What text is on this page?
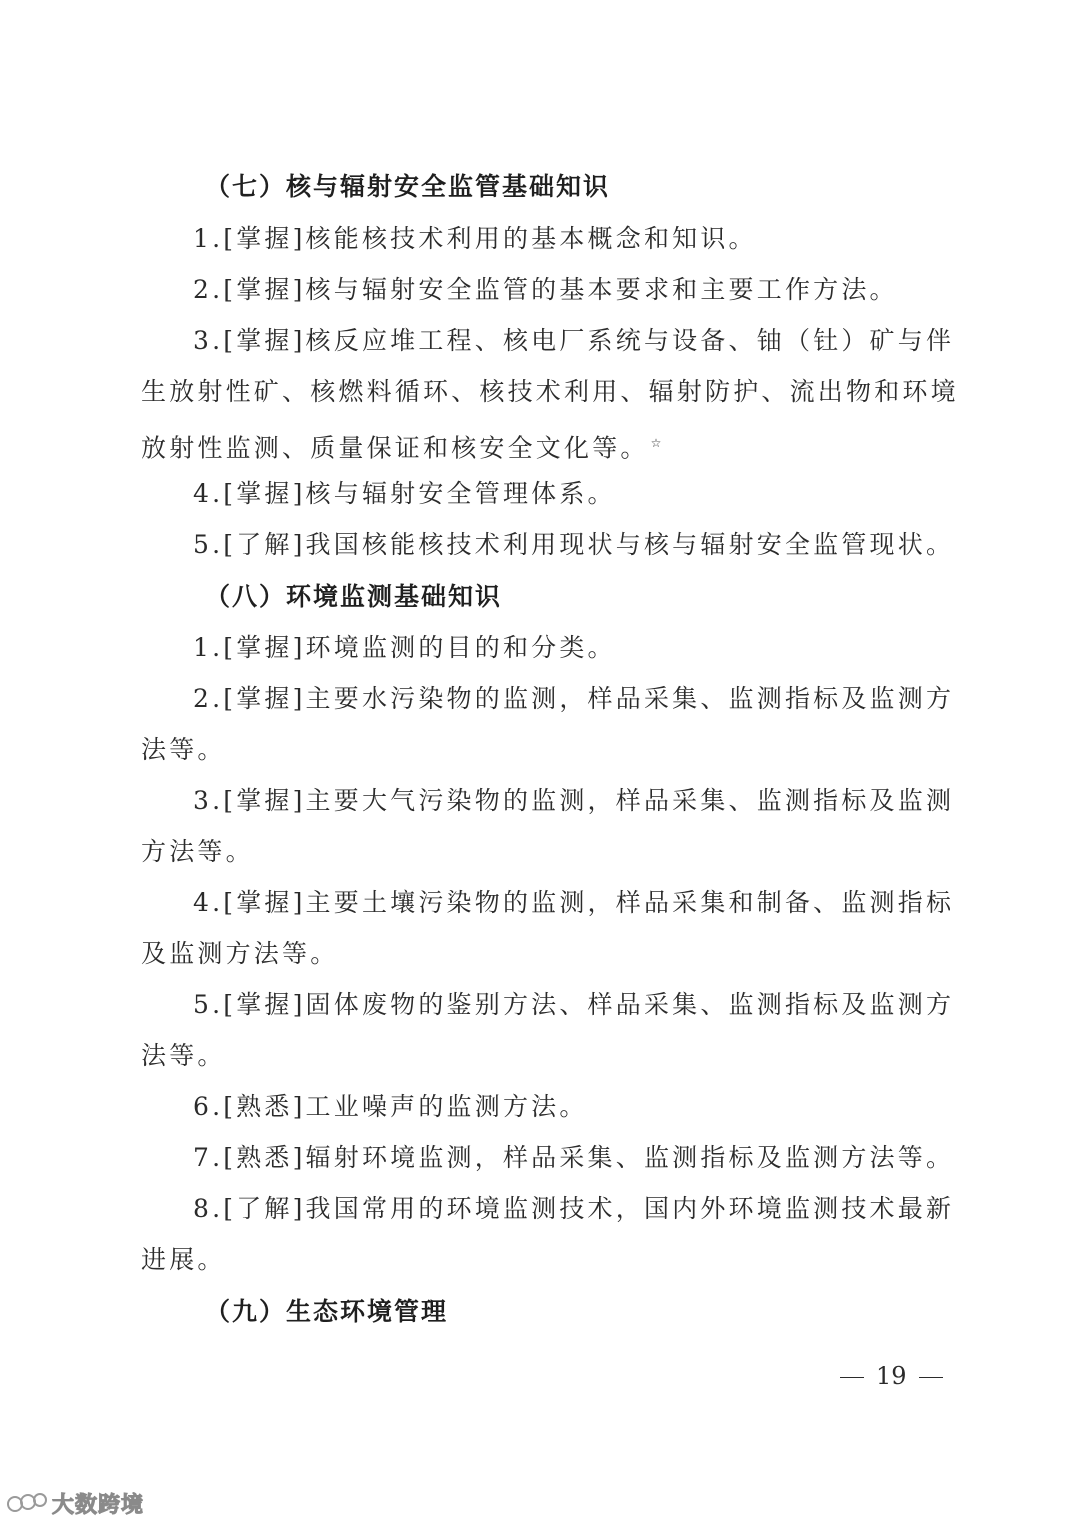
（七）核与辐射安全监管基础知识
1.[掌握]核能核技术利用的基本概念和知识。
2.[掌握]核与辐射安全监管的基本要求和主要工作方法。
3.[掌握]核反应堆工程、核电厂系统与设备、铀（钍）矿与伴
生放射性矿、核燃料循环、核技术利用、辐射防护、流出物和环境
放射性监测、质量保证和核安全文化等。 ☆
4.[掌握]核与辐射安全管理体系。
5.[了解]我国核能核技术利用现状与核与辐射安全监管现状。
（八）环境监测基础知识
1.[掌握]环境监测的目的和分类。
2.[掌握]主要水污染物的监测，样品采集、监测指标及监测方
法等。
3.[掌握]主要大气污染物的监测，样品采集、监测指标及监测
方法等。
4.[掌握]主要土壤污染物的监测，样品采集和制备、监测指标
及监测方法等。
5.[掌握]固体废物的鉴别方法、样品采集、监测指标及监测方
法等。
6.[熟悉]工业噪声的监测方法。
7.[熟悉]辐射环境监测，样品采集、监测指标及监测方法等。
8.[了解]我国常用的环境监测技术，国内外环境监测技术最新
进展。
（九）生态环境管理
19
大数跨境
